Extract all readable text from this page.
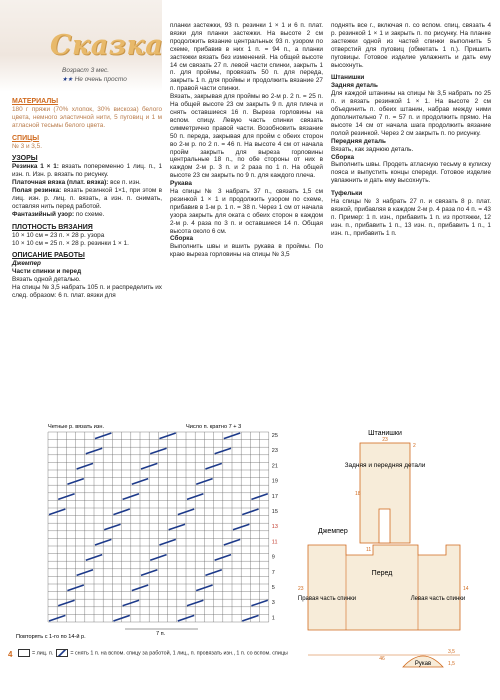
Сказка
Возраст 3 мес.
★★ Не очень просто

МАТЕРИАЛЫ

180 г пряжи (70% хлопок, 30% вискоза) белого цвета, немного эластичной нити, 5 пуговиц и 1 м атласной тесьмы белого цвета.

СПИЦЫ

№ 3 и 3,5.

УЗОРЫ

Резинка 1 × 1: вязать попеременно 1 лиц. п., 1 изн. п. Изн. р. вязать по рисунку.

Платочная вязка (плат. вязка): все п. изн.

Полая резинка: вязать резинкой 1×1, при этом в лиц. изн. р. лиц. п. вязать, а изн. п. снимать, оставляя нить перед работой.

Фантазийный узор: по схеме.

ПЛОТНОСТЬ ВЯЗАНИЯ

10 × 10 см = 23 п. × 28 р. узора
10 × 10 см = 25 п. × 28 р. резинки 1 × 1.

ОПИСАНИЕ РАБОТЫ

Джемпер

Части спинки и перед

Вязать одной деталью.

На спицы № 3,5 набрать 105 п. и распределить их след. образом: 6 п. плат. вязки для

планки застежки, 93 п. резинки 1 × 1 и 6 п. плат. вязки для планки застежки. На высоте 2 см продолжить вязание центральных 93 п. узором по схеме, прибавив в них 1 п. = 94 п., а планки застежки вязать без изменений. На общей высоте 14 см связать 27 п. левой части спинки, закрыть 1 п. для проймы, провязать 50 п. для переда, закрыть 1 п. для проймы и продолжить вязание 27 п. правой части спинки.

Вязать, закрывая для проймы во 2-м р. 2 п. = 25 п. На общей высоте 23 см закрыть 9 п. для плеча и снять оставшиеся 16 п. Вырезa горловины на вспом. спицу. Левую часть спинки связать симметрично правой части. Возобновить вязание 50 п. переда, закрывая для пройм с обеих сторон во 2-м р. по 2 п. = 46 п. На высоте 4 см от начала пройм закрыть для выреза горловины центральные 18 п., по обе стороны от них в каждом 2-м р. 3 п. и 2 раза по 1 п. На общей высоте 23 см закрыть по 9 п. для каждого плеча.

Рукава

На спицы № 3 набрать 37 п., связать 1,5 см резинкой 1 × 1 и продолжить узором по схеме, прибавив в 1-м р. 1 п. = 38 п. Через 1 см от начала узора закрыть для оката с обеих сторон в каждом 2-м р. 4 раза по 3 п. и оставшиеся 14 п. Общая высота около 6 см.

Сборка

Выполнить швы и вшить рукава в проймы. По краю выреза горловины на спицы № 3,5

поднять все г., включая п. со вспом. спиц, связать 4 р. резинкой 1 × 1 и закрыть п. по рисунку. На планке застежки одной из частей спинки выполнить 5 отверстий для пуговиц (обметать 1 п.). Пришить пуговицы. Готовое изделие увлажнить и дать ему высохнуть.

Штанишки

Задняя деталь

Для каждой штанины на спицы № 3,5 набрать по 25 п. и вязать резинкой 1 × 1. На высоте 2 см объединить п. обеих штанин, набрав между ними дополнительно 7 п. = 57 п. и продолжить прямо. На высоте 14 см от начала шага продолжить вязание полой резинкой. Через 2 см закрыть п. по рисунку.

Передняя деталь

Вязать, как заднюю деталь.

Сборка

Выполнить швы. Продеть атласную тесьму в кулиску пояса и выпустить концы спереди. Готовое изделие увлажнить и дать ему высохнуть.

Туфельки

На спицы № 3 набрать 27 п. и связать 8 р. плат. вязкой, прибавляя в каждом 2-м р. 4 раза по 4 п. = 43 п. Пример: 1 п. изн., прибавить 1 п. из протяжки, 12 изн. п., прибавить 1 п., 13 изн. п., прибавить 1 п., 1 изн. п., прибавить 1 п.

Четные р. вязать изн.	Число п. кратно 7 + 3
25
23
21
19
17
15
13
11
9
7
5
3
1
7 п.
Повторять с 1-го по 14-й р.
Штанишки
Задняя и передняя детали
23
18
2
11
Джемпер
Перед
Правая часть спинки	Левая часть спинки
23	14
46
Рукав
3,5
1,5
= лиц. п.	= снять 1 п. на вспом. спицу за работой, 1 лиц., п. провязать изн., 1 п. со вспом. спицы
4
